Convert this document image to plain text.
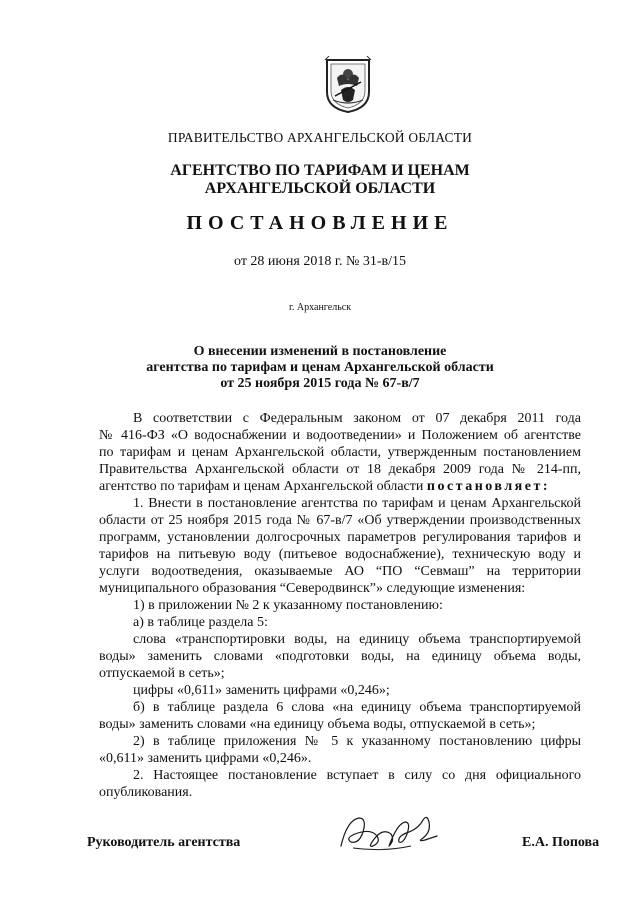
ПРАВИТЕЛЬСТВО АРХАНГЕЛЬСКОЙ ОБЛАСТИ
АГЕНТСТВО ПО ТАРИФАМ И ЦЕНАМ
АРХАНГЕЛЬСКОЙ ОБЛАСТИ
ПОСТАНОВЛЕНИЕ
от 28 июня 2018 г. № 31-в/15
г. Архангельск
О внесении изменений в постановление
агентства по тарифам и ценам Архангельской области
от 25 ноября 2015 года № 67-в/7
В соответствии с Федеральным законом от 07 декабря 2011 года
№ 416-ФЗ «О водоснабжении и водоотведении» и Положением об агентстве
по тарифам и ценам Архангельской области, утвержденным постановлением
Правительства Архангельской области от 18 декабря 2009 года № 214-пп,
агентство по тарифам и ценам Архангельской области постановляет:
1. Внести в постановление агентства по тарифам и ценам Архангельской
области от 25 ноября 2015 года № 67-в/7 «Об утверждении производственных
программ, установлении долгосрочных параметров регулирования тарифов и
тарифов на питьевую воду (питьевое водоснабжение), техническую воду и
услуги водоотведения, оказываемые АО “ПО “Севмаш” на территории
муниципального образования “Северодвинск”» следующие изменения:
1) в приложении № 2 к указанному постановлению:
а) в таблице раздела 5:
слова «транспортировки воды, на единицу объема транспортируемой
воды» заменить словами «подготовки воды, на единицу объема воды,
отпускаемой в сеть»;
цифры «0,611» заменить цифрами «0,246»;
б) в таблице раздела 6 слова «на единицу объема транспортируемой
воды» заменить словами «на единицу объема воды, отпускаемой в сеть»;
2) в таблице приложения № 5 к указанному постановлению цифры
«0,611» заменить цифрами «0,246».
2. Настоящее постановление вступает в силу со дня официального
опубликования.
Руководитель агентства	Е.А. Попова
